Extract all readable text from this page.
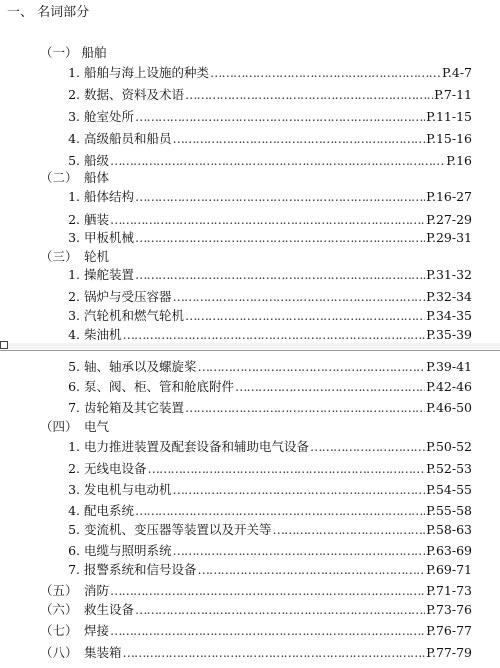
一、 名词部分
（一） 船舶
1. 船舶与海上设施的种类 ………………………………………………………………………………………………………………………………	P.4-7
2. 数据、资料及术语 ………………………………………………………………………………………………………………………………	P.7-11
3. 舱室处所 ………………………………………………………………………………………………………………………………	P.11-15
4. 高级船员和船员 ………………………………………………………………………………………………………………………………	P.15-16
5. 船级 ………………………………………………………………………………………………………………………………	P.16
（二） 船体
1. 船体结构 ………………………………………………………………………………………………………………………………	P.16-27
2. 舾装 ………………………………………………………………………………………………………………………………	P.27-29
3. 甲板机械 ………………………………………………………………………………………………………………………………	P.29-31
（三） 轮机
1. 操舵装置 ………………………………………………………………………………………………………………………………	P.31-32
2. 锅炉与受压容器 ………………………………………………………………………………………………………………………………	P.32-34
3. 汽轮机和燃气轮机 ………………………………………………………………………………………………………………………………	P.34-35
4. 柴油机 ………………………………………………………………………………………………………………………………	P.35-39
5. 轴、轴承以及螺旋桨 ………………………………………………………………………………………………………………………………	P.39-41
6. 泵、阀、柜、管和舱底附件 ………………………………………………………………………………………………………………………………	P.42-46
7. 齿轮箱及其它装置 ………………………………………………………………………………………………………………………………	P.46-50
（四） 电气
1. 电力推进装置及配套设备和辅助电气设备 ………………………………………………………………………………………………………………………………	P.50-52
2. 无线电设备 ………………………………………………………………………………………………………………………………	P.52-53
3. 发电机与电动机 ………………………………………………………………………………………………………………………………	P.54-55
4. 配电系统 ………………………………………………………………………………………………………………………………	P.55-58
5. 变流机、变压器等装置以及开关等 ………………………………………………………………………………………………………………………………	P.58-63
6. 电缆与照明系统 ………………………………………………………………………………………………………………………………	P.63-69
7. 报警系统和信号设备 ………………………………………………………………………………………………………………………………	P.69-71
（五） 消防 ………………………………………………………………………………………………………………………………	P.71-73
（六） 救生设备 ………………………………………………………………………………………………………………………………	P.73-76
（七） 焊接 ………………………………………………………………………………………………………………………………	P.76-77
（八） 集装箱 ………………………………………………………………………………………………………………………………	P.77-79
